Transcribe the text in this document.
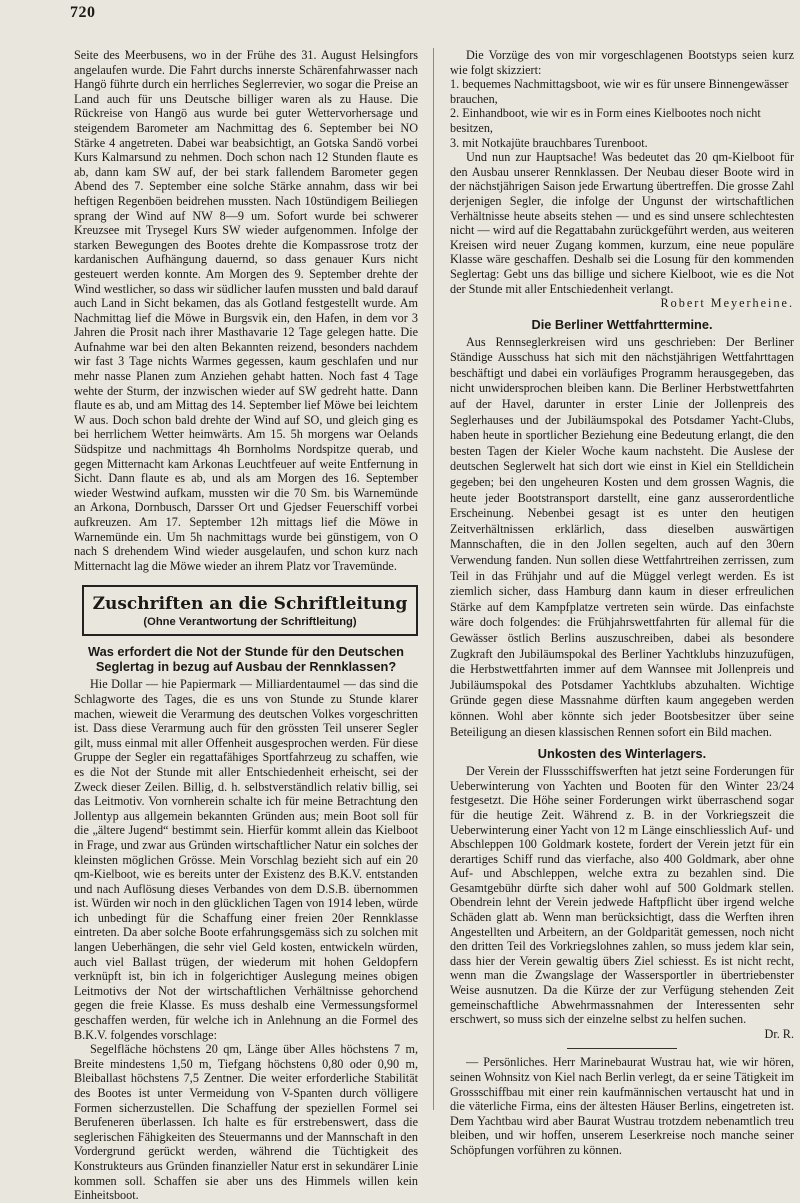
720

Seite des Meerbusens, wo in der Frühe des 31. August Helsingfors angelaufen wurde. Die Fahrt durchs innerste Schärenfahrwasser nach Hangö führte durch ein herrliches Seglerrevier, wo sogar die Preise an Land auch für uns Deutsche billiger waren als zu Hause. Die Rückreise von Hangö aus wurde bei guter Wettervorhersage und steigendem Barometer am Nachmittag des 6. September bei NO Stärke 4 angetreten. Dabei war beabsichtigt, an Gotska Sandö vorbei Kurs Kalmarsund zu nehmen. Doch schon nach 12 Stunden flaute es ab, dann kam SW auf, der bei stark fallendem Barometer gegen Abend des 7. September eine solche Stärke annahm, dass wir bei heftigen Regenböen beidrehen mussten. Nach 10stündigem Beiliegen sprang der Wind auf NW 8—9 um. Sofort wurde bei schwerer Kreuzsee mit Trysegel Kurs SW wieder aufgenommen. Infolge der starken Bewegungen des Bootes drehte die Kompassrose trotz der kardanischen Aufhängung dauernd, so dass genauer Kurs nicht gesteuert werden konnte. Am Morgen des 9. September drehte der Wind westlicher, so dass wir südlicher laufen mussten und bald darauf auch Land in Sicht bekamen, das als Gotland festgestellt wurde. Am Nachmittag lief die Möwe in Burgsvik ein, den Hafen, in dem vor 3 Jahren die Prosit nach ihrer Masthavarie 12 Tage gelegen hatte. Die Aufnahme war bei den alten Bekannten reizend, besonders nachdem wir fast 3 Tage nichts Warmes gegessen, kaum geschlafen und nur mehr nasse Planen zum Anziehen gehabt hatten. Noch fast 4 Tage wehte der Sturm, der inzwischen wieder auf SW gedreht hatte. Dann flaute es ab, und am Mittag des 14. September lief Möwe bei leichtem W aus. Doch schon bald drehte der Wind auf SO, und gleich ging es bei herrlichem Wetter heimwärts. Am 15. 5h morgens war Oelands Südspitze und nachmittags 4h Bornholms Nordspitze querab, und gegen Mitternacht kam Arkonas Leuchtfeuer auf weite Entfernung in Sicht. Dann flaute es ab, und als am Morgen des 16. September wieder Westwind aufkam, mussten wir die 70 Sm. bis Warnemünde an Arkona, Dornbusch, Darsser Ort und Gjedser Feuerschiff vorbei aufkreuzen. Am 17. September 12h mittags lief die Möwe in Warnemünde ein. Um 5h nachmittags wurde bei günstigem, von O nach S drehendem Wind wieder ausgelaufen, und schon kurz nach Mitternacht lag die Möwe wieder an ihrem Platz vor Travemünde.

Zuschriften an die Schriftleitung
(Ohne Verantwortung der Schriftleitung)
Was erfordert die Not der Stunde für den Deutschen Seglertag in bezug auf Ausbau der Rennklassen?

Hie Dollar — hie Papiermark — Milliardentaumel — das sind die Schlagworte des Tages, die es uns von Stunde zu Stunde klarer machen, wieweit die Verarmung des deutschen Volkes vorgeschritten ist. Dass diese Verarmung auch für den grössten Teil unserer Segler gilt, muss einmal mit aller Offenheit ausgesprochen werden. Für diese Gruppe der Segler ein regattafähiges Sportfahrzeug zu schaffen, wie es die Not der Stunde mit aller Entschiedenheit erheischt, sei der Zweck dieser Zeilen. Billig, d. h. selbstverständlich relativ billig, sei das Leitmotiv. Von vornherein schalte ich für meine Betrachtung den Jollentyp aus allgemein bekannten Gründen aus; mein Boot soll für die „ältere Jugend“ bestimmt sein. Hierfür kommt allein das Kielboot in Frage, und zwar aus Gründen wirtschaftlicher Natur ein solches der kleinsten möglichen Grösse. Mein Vorschlag bezieht sich auf ein 20 qm-Kielboot, wie es bereits unter der Existenz des B.K.V. entstanden und nach Auflösung dieses Verbandes von dem D.S.B. übernommen ist. Würden wir noch in den glücklichen Tagen von 1914 leben, würde ich unbedingt für die Schaffung einer freien 20er Rennklasse eintreten. Da aber solche Boote erfahrungsgemäss sich zu solchen mit langen Ueberhängen, die sehr viel Geld kosten, entwickeln würden, auch viel Ballast trügen, der wiederum mit hohen Geldopfern verknüpft ist, bin ich in folgerichtiger Auslegung meines obigen Leitmotivs der Not der wirtschaftlichen Verhältnisse gehorchend gegen die freie Klasse. Es muss deshalb eine Vermessungsformel geschaffen werden, für welche ich in Anlehnung an die Formel des B.K.V. folgendes vorschlage:

Segelfläche höchstens 20 qm, Länge über Alles höchstens 7 m, Breite mindestens 1,50 m, Tiefgang höchstens 0,80 oder 0,90 m, Bleiballast höchstens 7,5 Zentner. Die weiter erforderliche Stabilität des Bootes ist unter Vermeidung von V-Spanten durch völligere Formen sicherzustellen. Die Schaffung der speziellen Formel sei Berufeneren überlassen. Ich halte es für erstrebenswert, dass die seglerischen Fähigkeiten des Steuermanns und der Mannschaft in den Vordergrund gerückt werden, während die Tüchtigkeit des Konstrukteurs aus Gründen finanzieller Natur erst in sekundärer Linie kommen soll. Schaffen sie aber uns des Himmels willen kein Einheitsboot.

Die Vorzüge des von mir vorgeschlagenen Bootstyps seien kurz wie folgt skizziert:

1. bequemes Nachmittagsboot, wie wir es für unsere Binnengewässer brauchen,
2. Einhandboot, wie wir es in Form eines Kielbootes noch nicht besitzen,
3. mit Notkajüte brauchbares Turenboot.

Und nun zur Hauptsache! Was bedeutet das 20 qm-Kielboot für den Ausbau unserer Rennklassen. Der Neubau dieser Boote wird in der nächstjährigen Saison jede Erwartung übertreffen. Die grosse Zahl derjenigen Segler, die infolge der Ungunst der wirtschaftlichen Verhältnisse heute abseits stehen — und es sind unsere schlechtesten nicht — wird auf die Regattabahn zurückgeführt werden, aus weiteren Kreisen wird neuer Zugang kommen, kurzum, eine neue populäre Klasse wäre geschaffen. Deshalb sei die Losung für den kommenden Seglertag: Gebt uns das billige und sichere Kielboot, wie es die Not der Stunde mit aller Entschiedenheit verlangt.

Robert Meyerheine.

Die Berliner Wettfahrttermine.

Aus Rennseglerkreisen wird uns geschrieben: Der Berliner Ständige Ausschuss hat sich mit den nächstjährigen Wettfahrttagen beschäftigt und dabei ein vorläufiges Programm herausgegeben, das nicht unwidersprochen bleiben kann. Die Berliner Herbstwettfahrten auf der Havel, darunter in erster Linie der Jollenpreis des Seglerhauses und der Jubiläumspokal des Potsdamer Yacht-Clubs, haben heute in sportlicher Beziehung eine Bedeutung erlangt, die den besten Tagen der Kieler Woche kaum nachsteht. Die Auslese der deutschen Seglerwelt hat sich dort wie einst in Kiel ein Stelldichein gegeben; bei den ungeheuren Kosten und dem grossen Wagnis, die heute jeder Bootstransport darstellt, eine ganz ausserordentliche Erscheinung. Nebenbei gesagt ist es unter den heutigen Zeitverhältnissen erklärlich, dass dieselben auswärtigen Mannschaften, die in den Jollen segelten, auch auf den 30ern Verwendung fanden. Nun sollen diese Wettfahrtreihen zerrissen, zum Teil in das Frühjahr und auf die Müggel verlegt werden. Es ist ziemlich sicher, dass Hamburg dann kaum in dieser erfreulichen Stärke auf dem Kampfplatze vertreten sein würde. Das einfachste wäre doch folgendes: die Frühjahrswettfahrten für allemal für die Gewässer östlich Berlins auszuschreiben, dabei als besondere Zugkraft den Jubiläumspokal des Berliner Yachtklubs hinzuzufügen, die Herbstwettfahrten immer auf dem Wannsee mit Jollenpreis und Jubiläumspokal des Potsdamer Yachtklubs abzuhalten. Wichtige Gründe gegen diese Massnahme dürften kaum angegeben werden können. Wohl aber könnte sich jeder Bootsbesitzer über seine Beteiligung an diesen klassischen Rennen sofort ein Bild machen.

Unkosten des Winterlagers.

Der Verein der Flussschiffswerften hat jetzt seine Forderungen für Ueberwinterung von Yachten und Booten für den Winter 23/24 festgesetzt. Die Höhe seiner Forderungen wirkt überraschend sogar für die heutige Zeit. Während z. B. in der Vorkriegszeit die Ueberwinterung einer Yacht von 12 m Länge einschliesslich Auf- und Abschleppen 100 Goldmark kostete, fordert der Verein jetzt für ein derartiges Schiff rund das vierfache, also 400 Goldmark, aber ohne Auf- und Abschleppen, welche extra zu bezahlen sind. Die Gesamtgebühr dürfte sich daher wohl auf 500 Goldmark stellen. Obendrein lehnt der Verein jedwede Haftpflicht über irgend welche Schäden glatt ab. Wenn man berücksichtigt, dass die Werften ihren Angestellten und Arbeitern, an der Goldparität gemessen, noch nicht den dritten Teil des Vorkriegslohnes zahlen, so muss jedem klar sein, dass hier der Verein gewaltig übers Ziel schiesst. Es ist nicht recht, wenn man die Zwangslage der Wassersportler in übertriebenster Weise ausnutzen. Da die Kürze der zur Verfügung stehenden Zeit gemeinschaftliche Abwehrmassnahmen der Interessenten sehr erschwert, so muss sich der einzelne selbst zu helfen suchen.

Dr. R.

— Persönliches. Herr Marinebaurat Wustrau hat, wie wir hören, seinen Wohnsitz von Kiel nach Berlin verlegt, da er seine Tätigkeit im Grossschiffbau mit einer rein kaufmännischen vertauscht hat und in die väterliche Firma, eins der ältesten Häuser Berlins, eingetreten ist. Dem Yachtbau wird aber Baurat Wustrau trotzdem nebenamtlich treu bleiben, und wir hoffen, unserem Leserkreise noch manche seiner Schöpfungen vorführen zu können.
